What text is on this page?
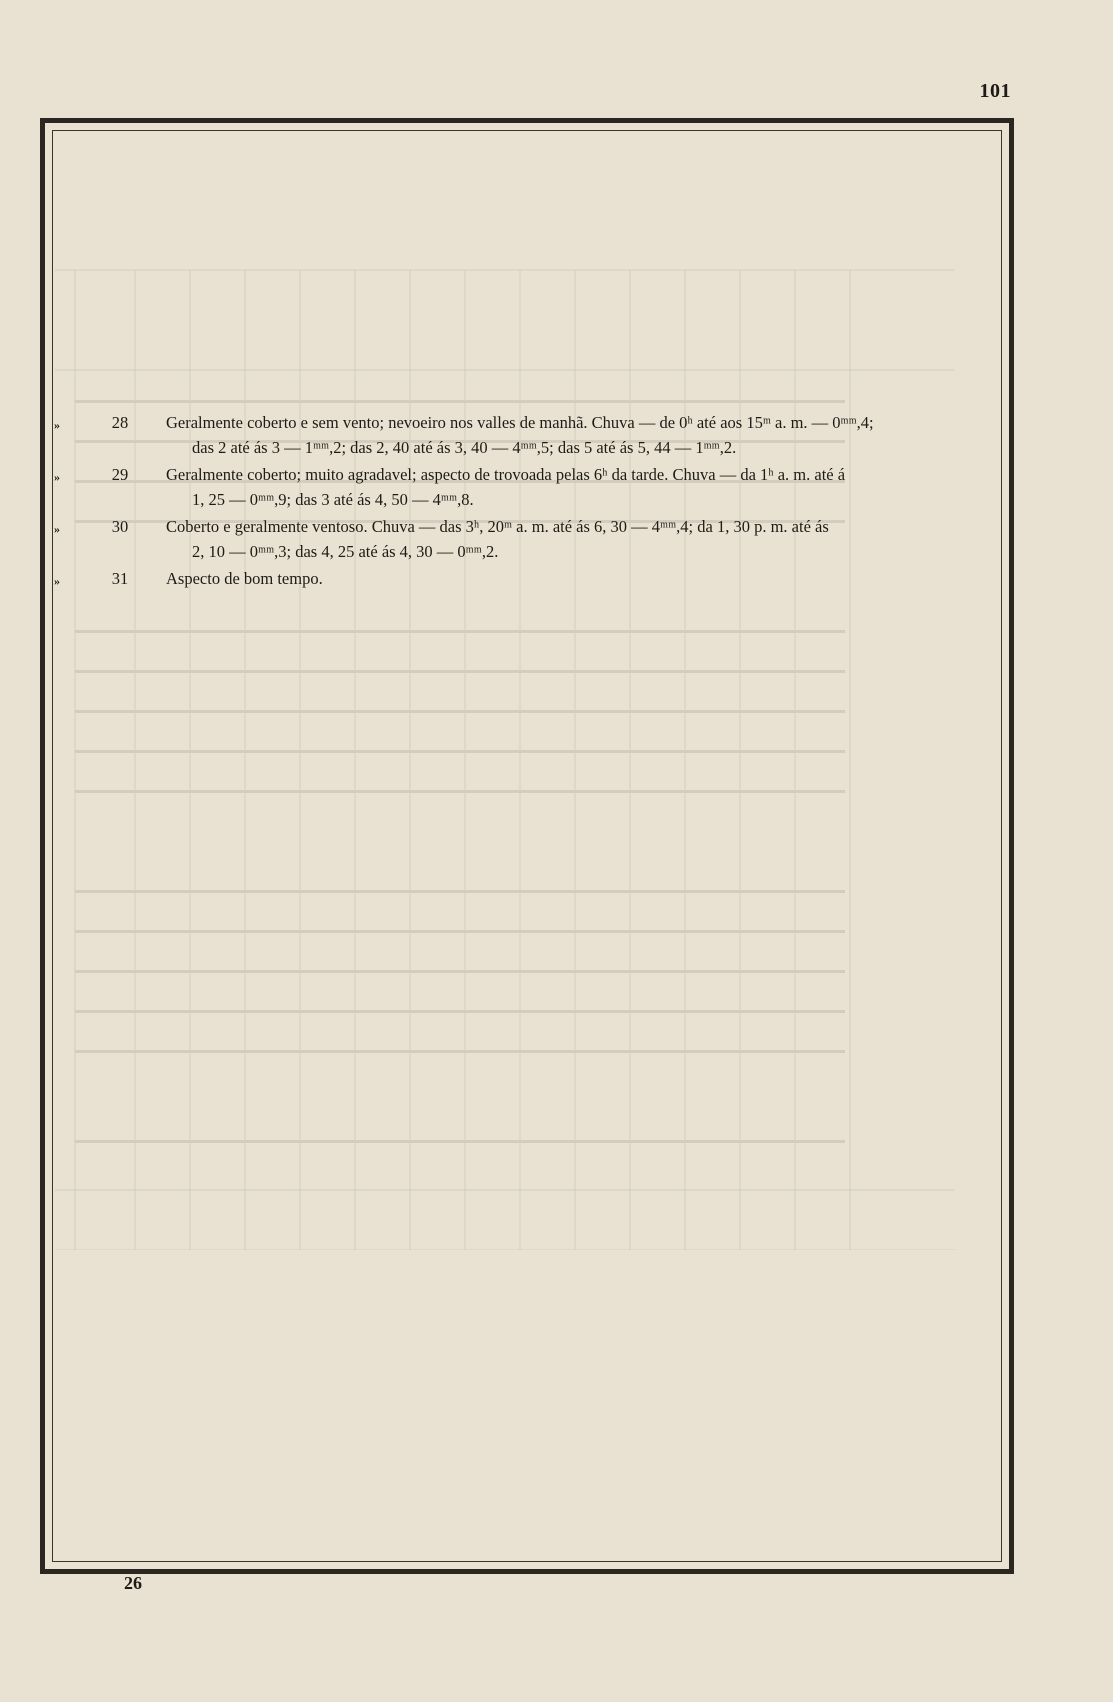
101
»	28	Geralmente coberto e sem vento; nevoeiro nos valles de manhã. Chuva — de 0ʰ até aos 15ᵐ a. m. — 0ᵐᵐ,4;
das 2 até ás 3 — 1ᵐᵐ,2; das 2, 40 até ás 3, 40 — 4ᵐᵐ,5; das 5 até ás 5, 44 — 1ᵐᵐ,2.
»	29	Geralmente coberto; muito agradavel; aspecto de trovoada pelas 6ʰ da tarde. Chuva — da 1ʰ a. m. até á
1, 25 — 0ᵐᵐ,9; das 3 até ás 4, 50 — 4ᵐᵐ,8.
»	30	Coberto e geralmente ventoso. Chuva — das 3ʰ, 20ᵐ a. m. até ás 6, 30 — 4ᵐᵐ,4; da 1, 30 p. m. até ás
2, 10 — 0ᵐᵐ,3; das 4, 25 até ás 4, 30 — 0ᵐᵐ,2.
»	31	Aspecto de bom tempo.
26
